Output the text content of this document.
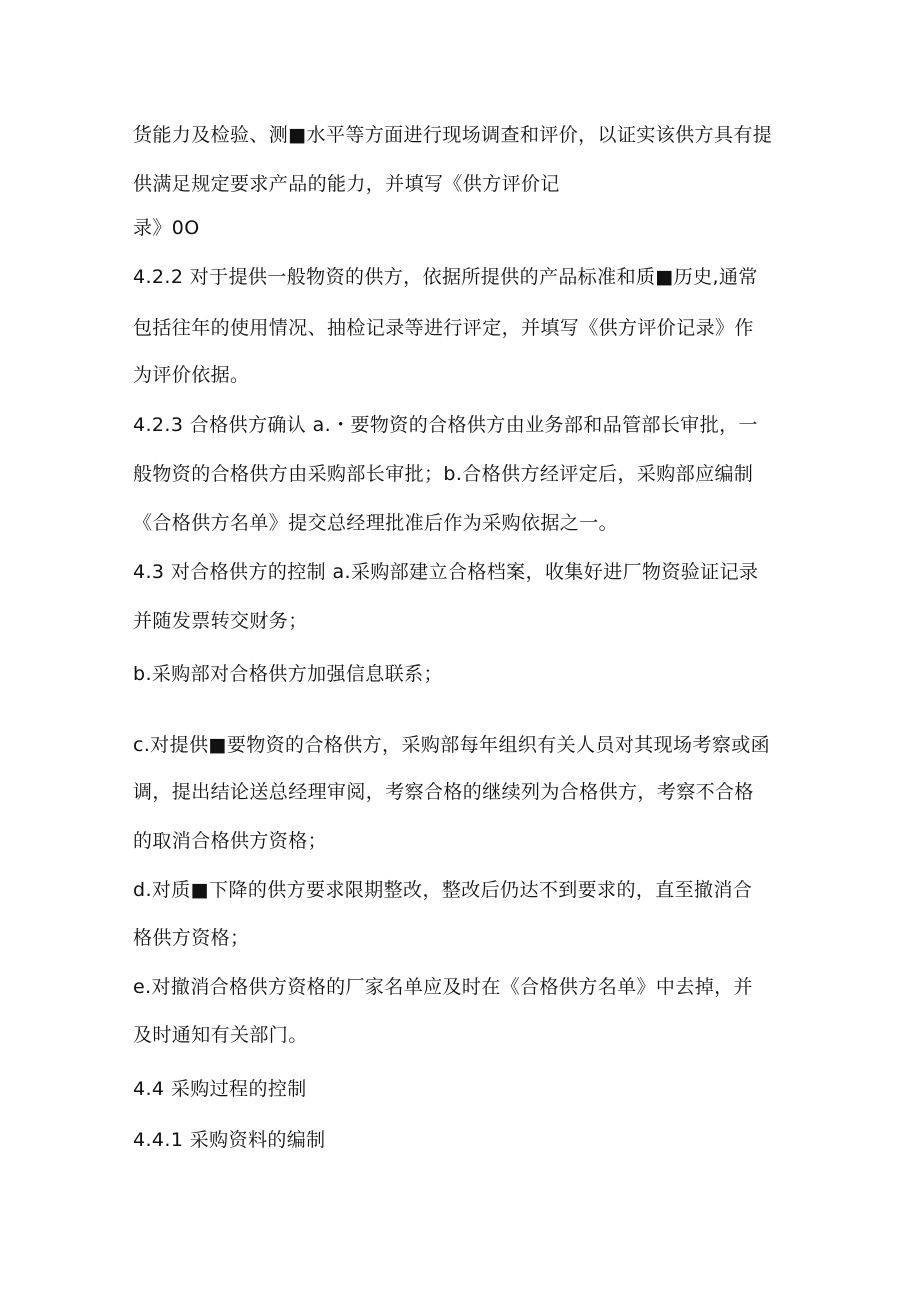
货能力及检验、测■水平等方面进行现场调查和评价，以证实该供方具有提
供满足规定要求产品的能力，并填写《供方评价记
录》0O
4.2.2 对于提供一般物资的供方，依据所提供的产品标准和质■历史,通常
包括往年的使用情况、抽检记录等进行评定，并填写《供方评价记录》作
为评价依据。
4.2.3 合格供方确认 a.・要物资的合格供方由业务部和品管部长审批，一
般物资的合格供方由采购部长审批；b.合格供方经评定后，采购部应编制
《合格供方名单》提交总经理批准后作为采购依据之一。
4.3 对合格供方的控制 a.采购部建立合格档案，收集好进厂物资验证记录
并随发票转交财务；
b.采购部对合格供方加强信息联系；
c.对提供■要物资的合格供方，采购部每年组织有关人员对其现场考察或函
调，提出结论送总经理审阅，考察合格的继续列为合格供方，考察不合格
的取消合格供方资格；
d.对质■下降的供方要求限期整改，整改后仍达不到要求的，直至撤消合
格供方资格；
e.对撤消合格供方资格的厂家名单应及时在《合格供方名单》中去掉，并
及时通知有关部门。
4.4 采购过程的控制
4.4.1 采购资料的编制
